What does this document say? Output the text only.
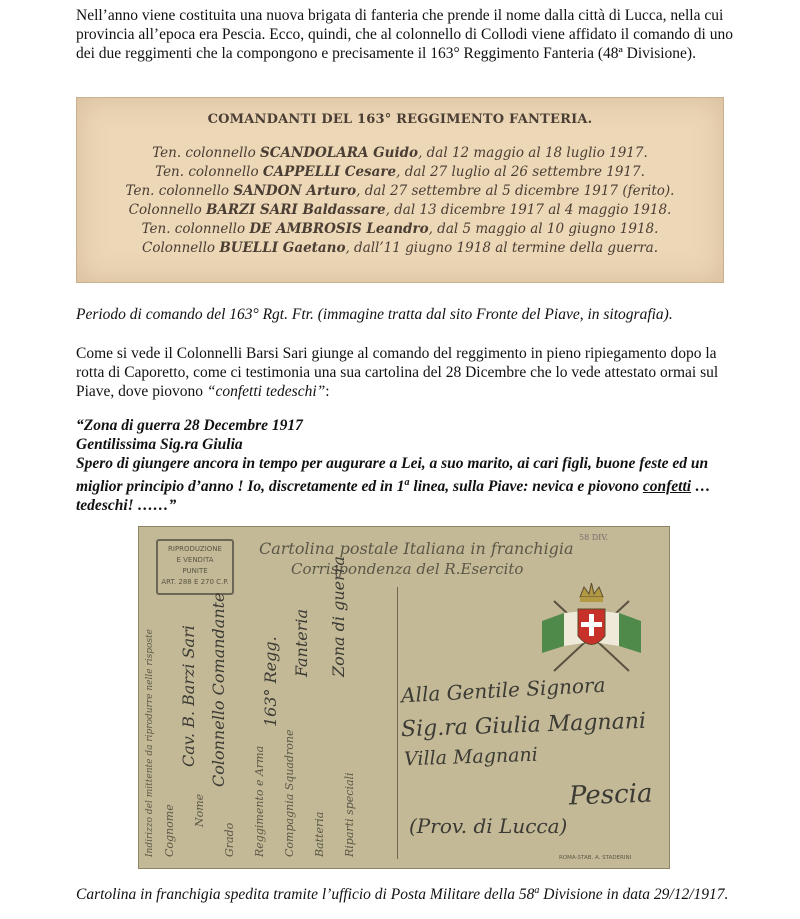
Nell’anno viene costituita una nuova brigata di fanteria che prende il nome dalla città di Lucca, nella cui provincia all’epoca era Pescia. Ecco, quindi, che al colonnello di Collodi viene affidato il comando di uno dei due reggimenti che la compongono e precisamente il 163° Reggimento Fanteria (48ª Divisione).
COMANDANTI DEL 163° REGGIMENTO FANTERIA.
Ten. colonnello SCANDOLARA Guido, dal 12 maggio al 18 luglio 1917.
Ten. colonnello CAPPELLI Cesare, dal 27 luglio al 26 settembre 1917.
Ten. colonnello SANDON Arturo, dal 27 settembre al 5 dicembre 1917 (ferito).
Colonnello BARZI SARI Baldassare, dal 13 dicembre 1917 al 4 maggio 1918.
Ten. colonnello DE AMBROSIS Leandro, dal 5 maggio al 10 giugno 1918.
Colonnello BUELLI Gaetano, dall’11 giugno 1918 al termine della guerra.
Periodo di comando del 163° Rgt. Ftr. (immagine tratta dal sito Fronte del Piave, in sitografia).
Come si vede il Colonnelli Barsi Sari giunge al comando del reggimento in pieno ripiegamento dopo la rotta di Caporetto, come ci testimonia una sua cartolina del 28 Dicembre che lo vede attestato ormai sul Piave, dove piovono “confetti tedeschi”:
“Zona di guerra 28 Decembre 1917
Gentilissima Sig.ra Giulia
Spero di giungere ancora in tempo per augurare a Lei, a suo marito, ai cari figli, buone feste ed un miglior principio d’anno ! Io, discretamente ed in 1$^a$ linea, sulla Piave: nevica e piovono confetti … tedeschi! ……”
RIPRODUZIONE
E VENDITA
PUNITE
ART. 288 E 270 C.P.
Cartolina postale Italiana in franchigia
Corrispondenza del R.Esercito
58 DIV.
Indirizzo del mittente da riprodurre nelle risposte Cognome Nome
Grado Reggimento e Arma Compagnia Squadrone Batteria Riparti speciali
Cav. B. Barzi Sari Colonnello Comandante 163° Regg. Fanteria Zona di guerra
Alla Gentile Signora
Sig.ra Giulia Magnani
Villa Magnani
Pescia
(Prov. di Lucca)
ROMA-STAB. A. STADERINI
Cartolina in franchigia spedita tramite l’ufficio di Posta Militare della 58$^a$ Divisione in data 29/12/1917.
